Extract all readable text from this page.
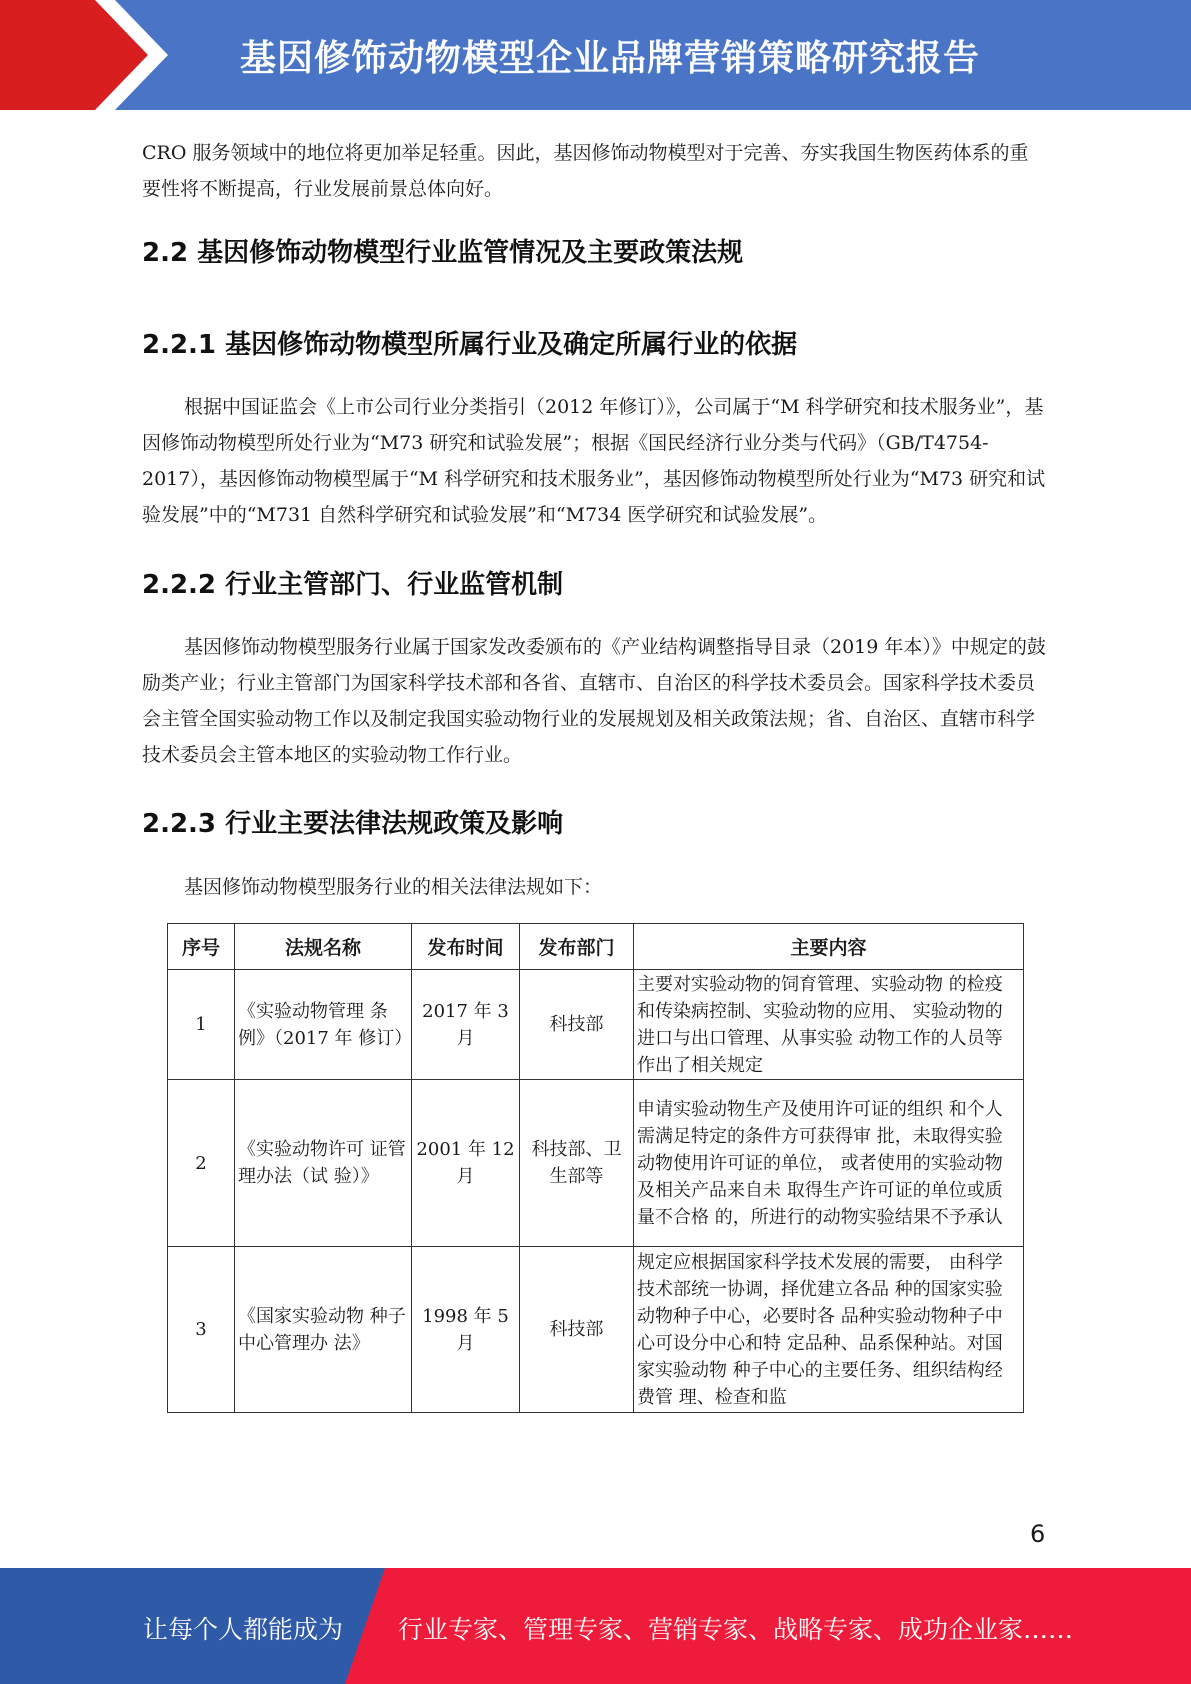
基因修饰动物模型企业品牌营销策略研究报告

CRO 服务领域中的地位将更加举足轻重。因此，基因修饰动物模型对于完善、夯实我国生物医药体系的重要性将不断提高，行业发展前景总体向好。

2.2 基因修饰动物模型行业监管情况及主要政策法规
2.2.1 基因修饰动物模型所属行业及确定所属行业的依据

根据中国证监会《上市公司行业分类指引（2012 年修订）》，公司属于“M 科学研究和技术服务业”，基因修饰动物模型所处行业为“M73 研究和试验发展”；根据《国民经济行业分类与代码》（GB/T4754-2017），基因修饰动物模型属于“M 科学研究和技术服务业”，基因修饰动物模型所处行业为“M73 研究和试验发展”中的“M731 自然科学研究和试验发展”和“M734 医学研究和试验发展”。

2.2.2 行业主管部门、行业监管机制

基因修饰动物模型服务行业属于国家发改委颁布的《产业结构调整指导目录（2019 年本）》中规定的鼓励类产业；行业主管部门为国家科学技术部和各省、直辖市、自治区的科学技术委员会。国家科学技术委员会主管全国实验动物工作以及制定我国实验动物行业的发展规划及相关政策法规；省、自治区、直辖市科学技术委员会主管本地区的实验动物工作行业。

2.2.3 行业主要法律法规政策及影响

基因修饰动物模型服务行业的相关法律法规如下：

序号	法规名称	发布时间	发布部门	主要内容
1	《实验动物管理 条例》（2017 年 修订）	2017 年 3月	科技部	主要对实验动物的饲育管理、实验动物 的检疫和传染病控制、实验动物的应用、 实验动物的进口与出口管理、从事实验 动物工作的人员等作出了相关规定
2	《实验动物许可 证管理办法（试 验）》	2001 年 12月	科技部、卫生部等	申请实验动物生产及使用许可证的组织 和个人需满足特定的条件方可获得审 批，未取得实验动物使用许可证的单位， 或者使用的实验动物及相关产品来自未 取得生产许可证的单位或质量不合格 的，所进行的动物实验结果不予承认
3	《国家实验动物 种子中心管理办 法》	1998 年 5月	科技部	规定应根据国家科学技术发展的需要， 由科学技术部统一协调，择优建立各品 种的国家实验动物种子中心，必要时各 品种实验动物种子中心可设分中心和特 定品种、品系保种站。对国家实验动物 种子中心的主要任务、组织结构经费管 理、检查和监
6
让每个人都能成为 行业专家、管理专家、营销专家、战略专家、成功企业家……
